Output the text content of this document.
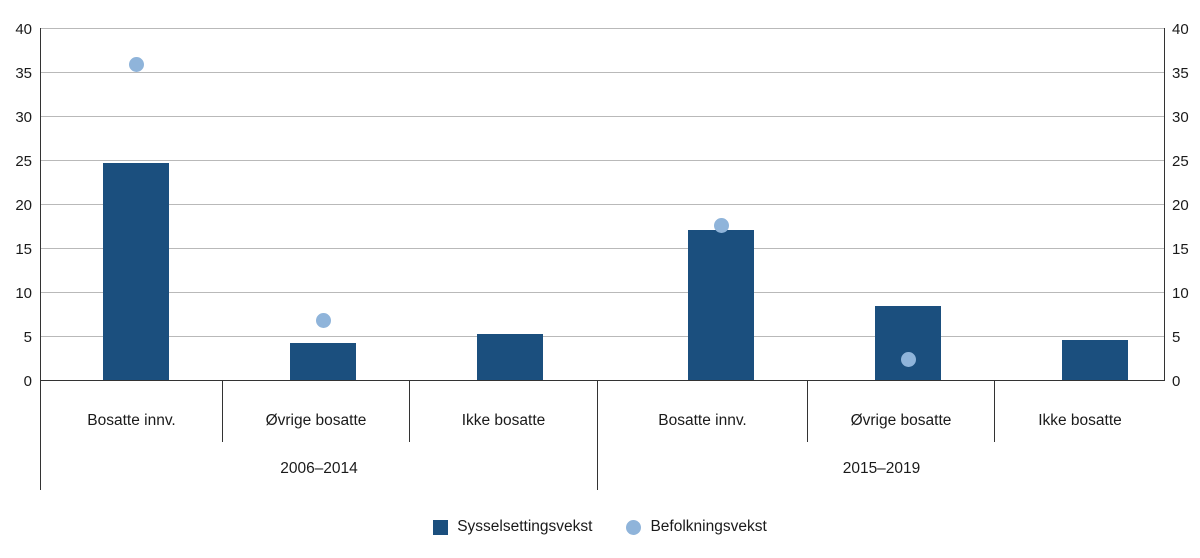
40
35
30
25
20
15
10
5
0
40
35
30
25
20
15
10
5
0
Bosatte innv.	Øvrige bosatte	Ikke bosatte	Bosatte innv.	Øvrige bosatte	Ikke bosatte
2006–2014	2015–2019
Sysselsettingsvekst	Befolkningsvekst
